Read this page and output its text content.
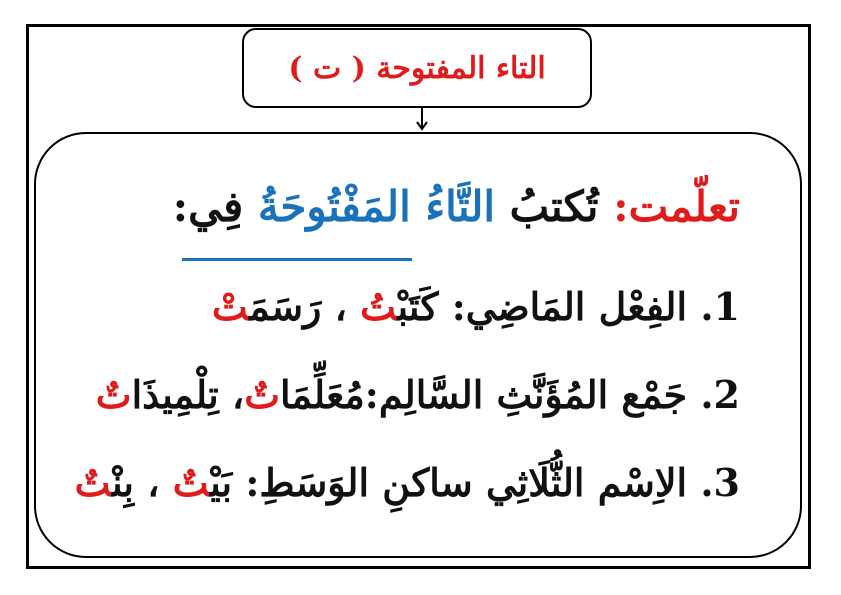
التاء المفتوحة ( ت )
تعلّمت: تُكتبُ التَّاءُ المَفْتُوحَةُ فِي:
1. الفِعْل المَاضِي: كَتَبْتُ ، رَسَمَتْ
2. جَمْع المُؤَنَّثِ السَّالِم:مُعَلِّمَاتٌ، تِلْمِيذَاتٌ
3. الاِسْم الثُّلَاثِي ساكنِ الوَسَطِ: بَيْتٌ ، بِنْتٌ
